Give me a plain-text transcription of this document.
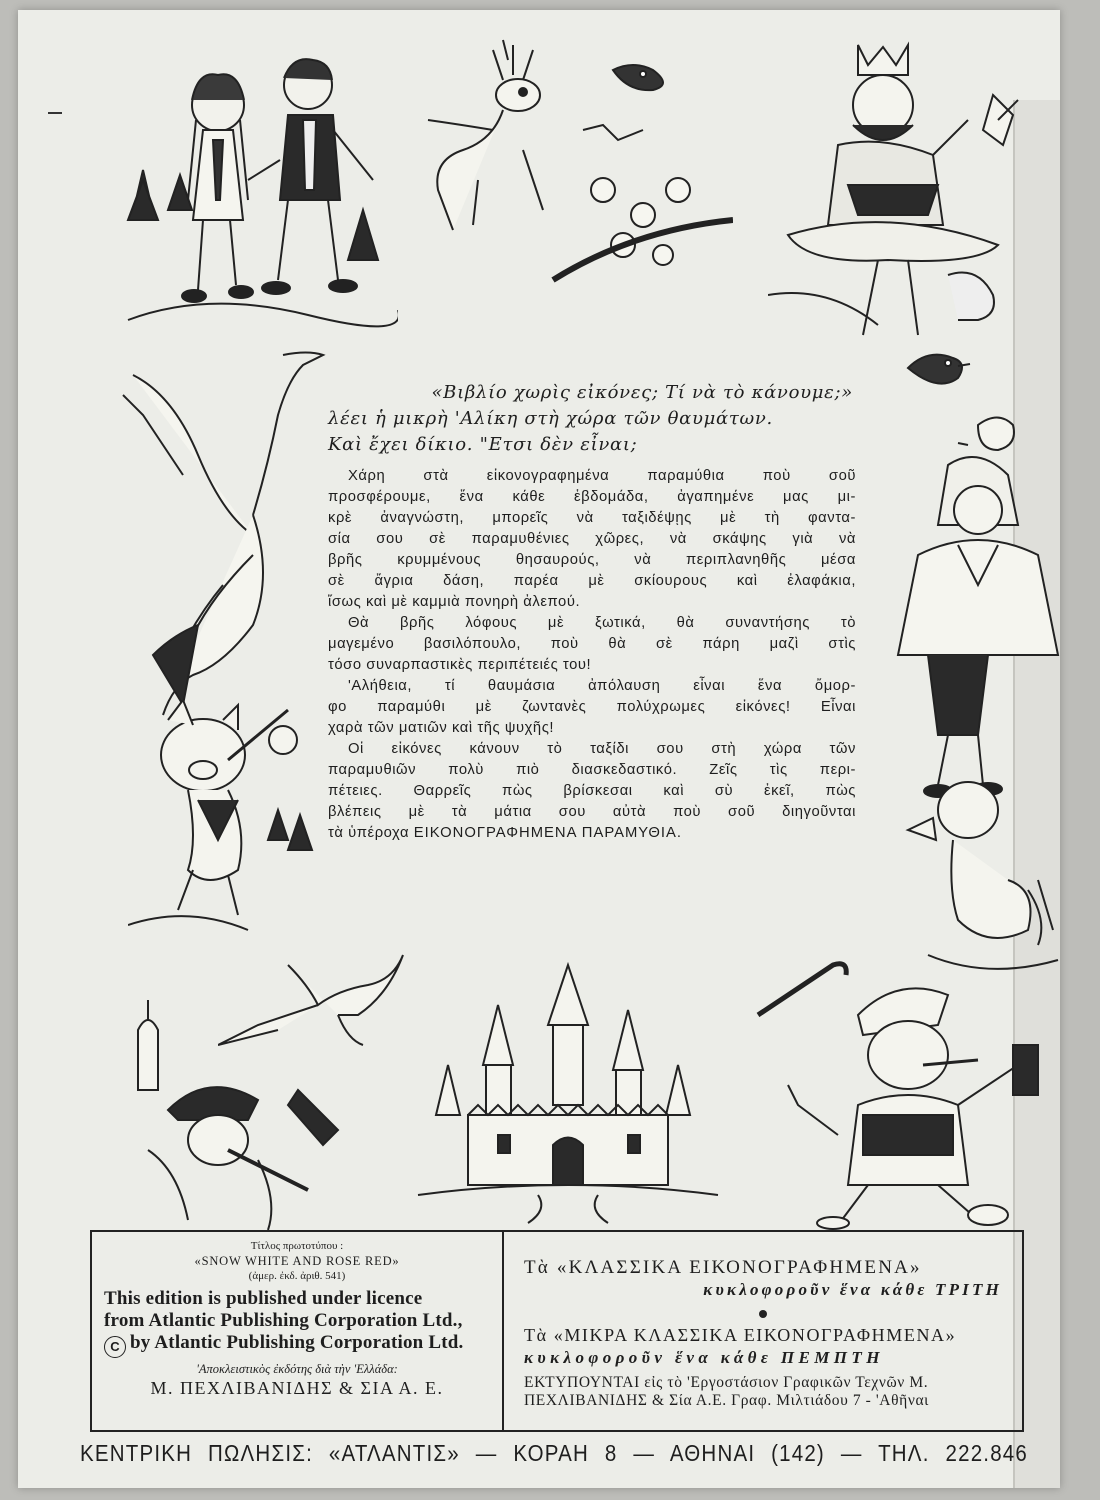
«Βιβλίο χωρὶς εἰκόνες; Τί νὰ τὸ κάνουμε;»
λέει ἡ μικρὴ 'Αλίκη στὴ χώρα τῶν θαυμάτων.
Καὶ ἔχει δίκιο. "Ετσι δὲν εἶναι;
Χάρη στὰ εἰκονογραφημένα παραμύθια ποὺ σοῦ
προσφέρουμε, ἕνα κάθε ἑβδομάδα, ἀγαπημένε μας μι-
κρὲ ἀναγνώστη, μπορεῖς νὰ ταξιδέψῃς μὲ τὴ φαντα-
σία σου σὲ παραμυθένιες χῶρες, νὰ σκάψης γιὰ νὰ
βρῆς κρυμμένους θησαυρούς, νὰ περιπλανηθῆς μέσα
σὲ ἄγρια δάση, παρέα μὲ σκίουρους καὶ ἐλαφάκια,
ἴσως καὶ μὲ καμμιὰ πονηρὴ ἀλεπού.
Θὰ βρῆς λόφους μὲ ξωτικά, θὰ συναντήσης τὸ
μαγεμένο βασιλόπουλο, ποὺ θὰ σὲ πάρη μαζὶ στὶς
τόσο συναρπαστικὲς περιπέτειές του!
'Αλήθεια, τί θαυμάσια ἀπόλαυση εἶναι ἕνα ὄμορ-
φο παραμύθι μὲ ζωντανὲς πολύχρωμες εἰκόνες! Εἶναι
χαρὰ τῶν ματιῶν καὶ τῆς ψυχῆς!
Οἱ εἰκόνες κάνουν τὸ ταξίδι σου στὴ χώρα τῶν
παραμυθιῶν πολὺ πιὸ διασκεδαστικό. Ζεῖς τὶς περι-
πέτειες. Θαρρεῖς πὼς βρίσκεσαι καὶ σὺ ἐκεῖ, πὼς
βλέπεις μὲ τὰ μάτια σου αὐτὰ ποὺ σοῦ διηγοῦνται
τὰ ὑπέροχα ΕΙΚΟΝΟΓΡΑΦΗΜΕΝΑ ΠΑΡΑΜΥΘΙΑ.

Τίτλος πρωτοτύπου :

«SNOW WHITE AND ROSE RED»

(ἀμερ. ἐκδ. ἀριθ. 541)

This edition is published under licence

from Atlantic Publishing Corporation Ltd.,

C by Atlantic Publishing Corporation Ltd.

'Αποκλειστικὸς ἐκδότης διὰ τὴν 'Ελλάδα:

Μ. ΠΕΧΛΙΒΑΝΙΔΗΣ & ΣΙΑ Α. Ε.

Τὰ «ΚΛΑΣΣΙΚΑ ΕΙΚΟΝΟΓΡΑΦΗΜΕΝΑ»

κυκλοφοροῦν ἕνα κάθε ΤΡΙΤΗ

Τὰ «ΜΙΚΡΑ ΚΛΑΣΣΙΚΑ ΕΙΚΟΝΟΓΡΑΦΗΜΕΝΑ»

κυκλοφοροῦν ἕνα κάθε ΠΕΜΠΤΗ

ΕΚΤΥΠΟΥΝΤΑΙ εἰς τὸ 'Εργοστάσιον Γραφικῶν Τεχνῶν Μ.

ΠΕΧΛΙΒΑΝΙΔΗΣ & Σία Α.Ε. Γραφ. Μιλτιάδου 7 - 'Αθῆναι

ΚΕΝΤΡΙΚΗ ΠΩΛΗΣΙΣ: «ΑΤΛΑΝΤΙΣ» — ΚΟΡΑΗ 8 — ΑΘΗΝΑΙ (142) — ΤΗΛ. 222.846
